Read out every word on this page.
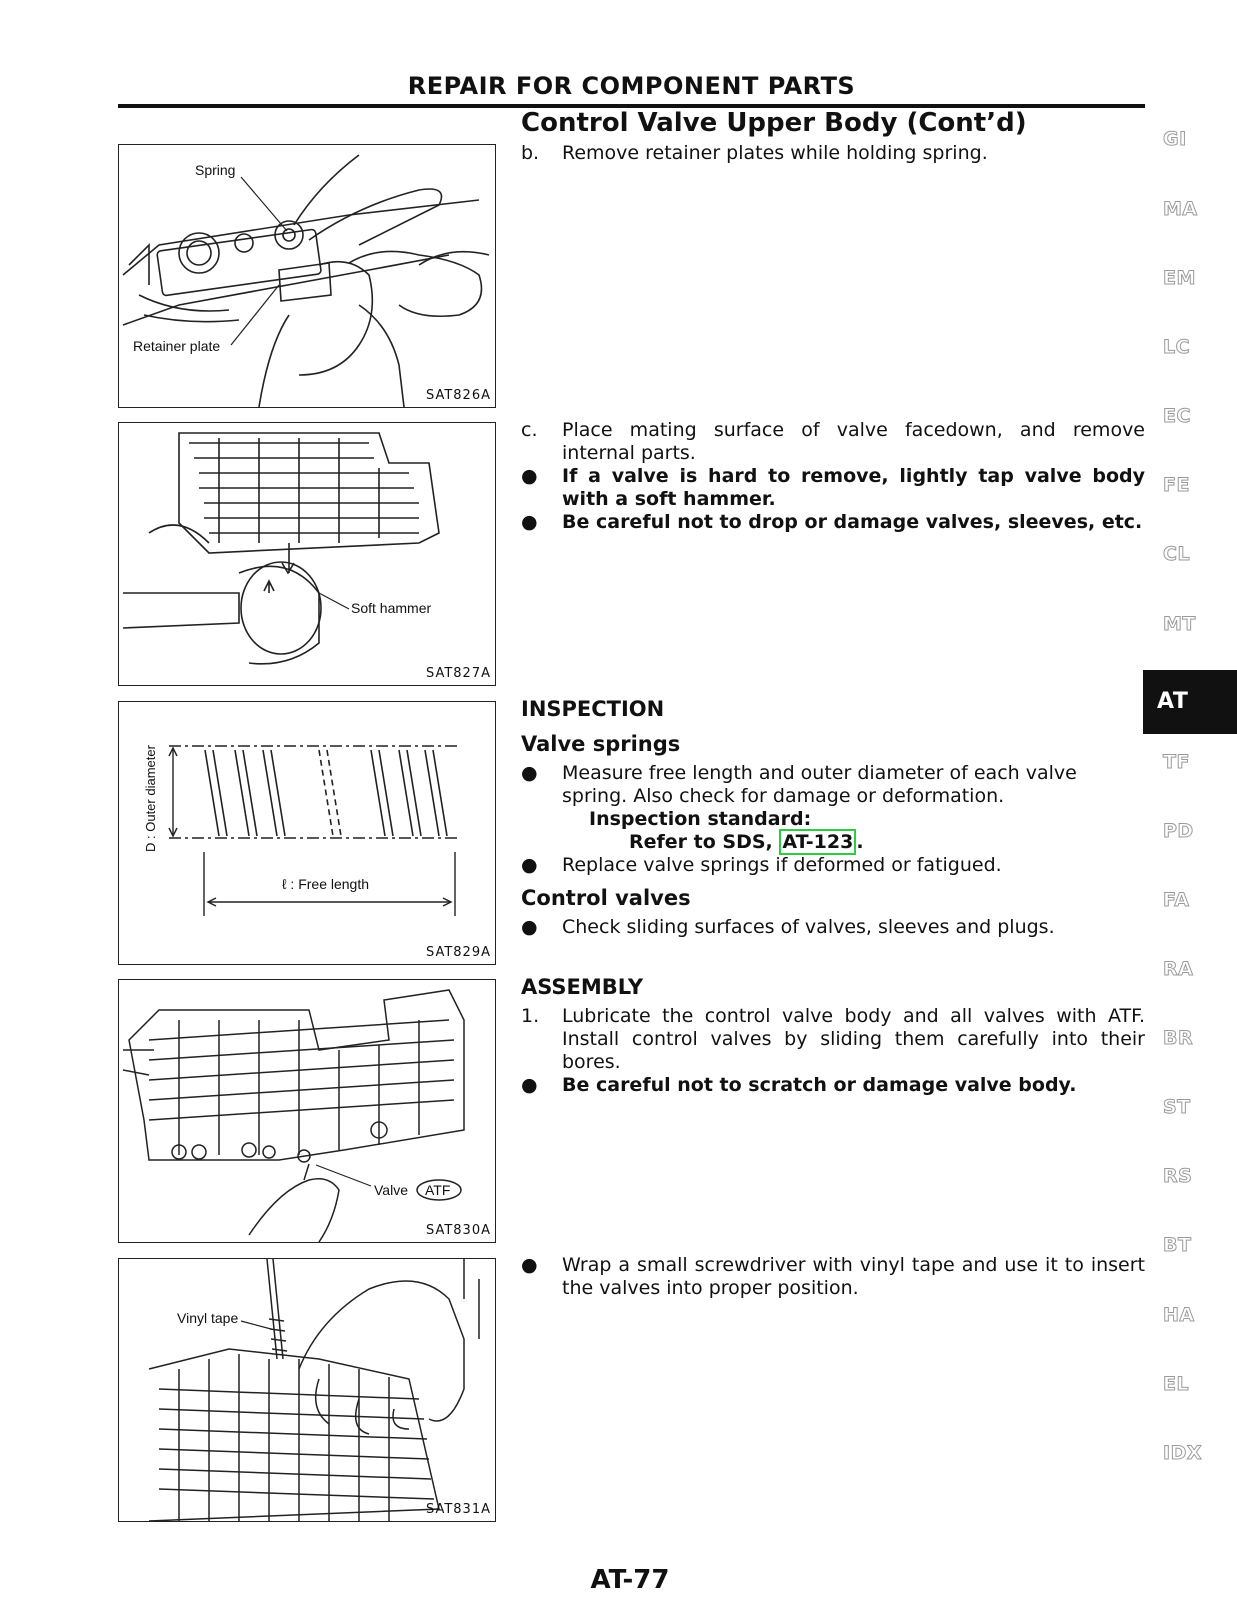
REPAIR FOR COMPONENT PARTS
Control Valve Upper Body (Cont’d)
Spring
Retainer plate
SAT826A
Soft hammer
SAT827A
D : Outer diameter
ℓ : Free length
SAT829A
Valve ATF
SAT830A
Vinyl tape
SAT831A
b. Remove retainer plates while holding spring.
c. Place mating surface of valve facedown, and remove internal parts.
● If a valve is hard to remove, lightly tap valve body with a soft hammer.
● Be careful not to drop or damage valves, sleeves, etc.
INSPECTION
Valve springs
● Measure free length and outer diameter of each valve spring. Also check for damage or deformation.
Inspection standard:
Refer to SDS, AT-123 .
● Replace valve springs if deformed or fatigued.
Control valves
● Check sliding surfaces of valves, sleeves and plugs.
ASSEMBLY
1. Lubricate the control valve body and all valves with ATF. Install control valves by sliding them carefully into their bores.
● Be careful not to scratch or damage valve body.
● Wrap a small screwdriver with vinyl tape and use it to insert the valves into proper position.
GI
MA
EM
LC
EC
FE
CL
MT
AT
TF
PD
FA
RA
BR
ST
RS
BT
HA
EL
IDX
AT-77
